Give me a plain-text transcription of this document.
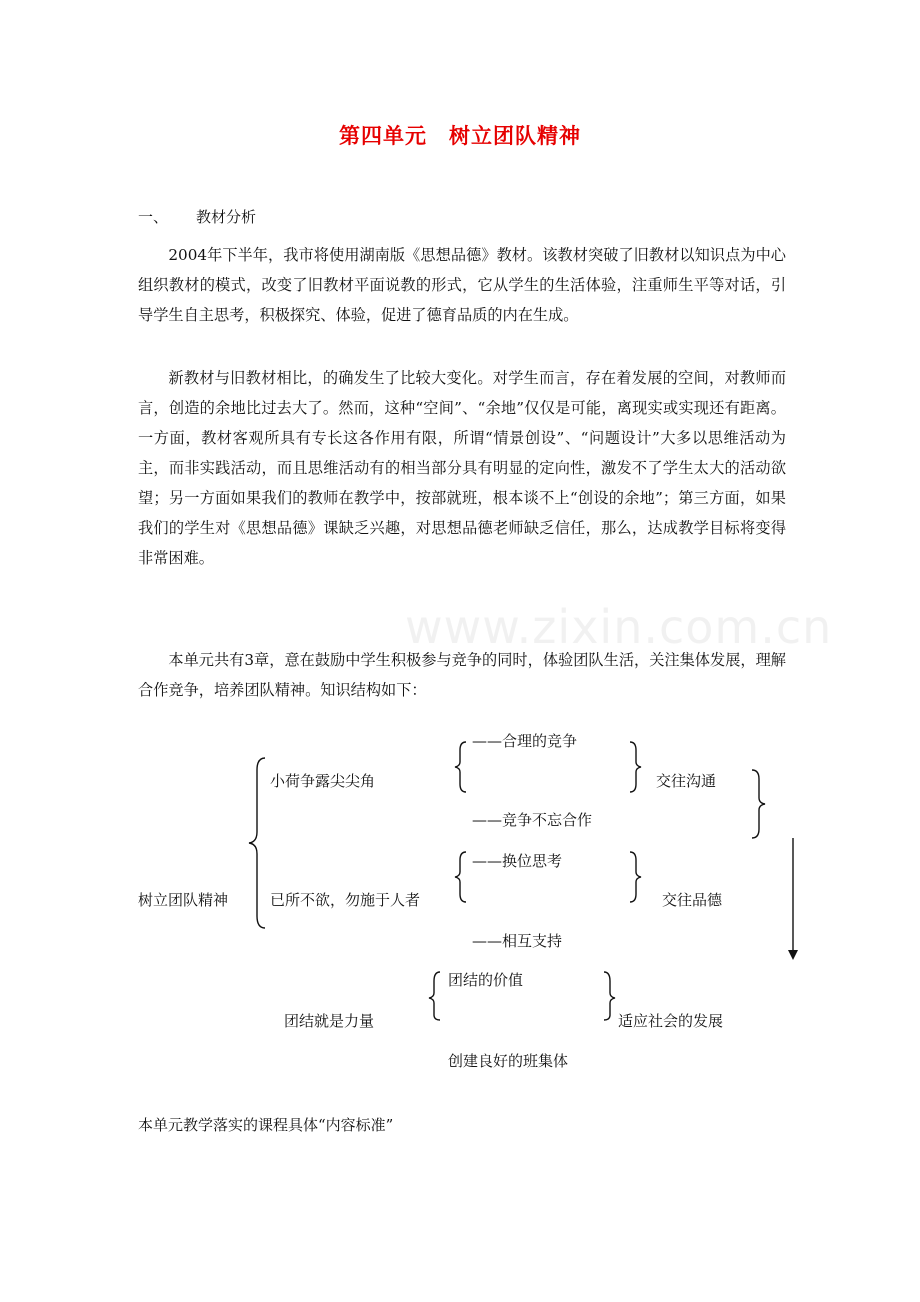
第四单元　树立团队精神
一、 教材分析

2004年下半年，我市将使用湖南版《思想品德》教材。该教材突破了旧教材以知识点为中心组织教材的模式，改变了旧教材平面说教的形式，它从学生的生活体验，注重师生平等对话，引导学生自主思考，积极探究、体验，促进了德育品质的内在生成。

新教材与旧教材相比，的确发生了比较大变化。对学生而言，存在着发展的空间，对教师而言，创造的余地比过去大了。然而，这种“空间”、“余地”仅仅是可能，离现实或实现还有距离。一方面，教材客观所具有专长这各作用有限，所谓“情景创设”、“问题设计”大多以思维活动为主，而非实践活动，而且思维活动有的相当部分具有明显的定向性，激发不了学生太大的活动欲望；另一方面如果我们的教师在教学中，按部就班，根本谈不上“创设的余地”；第三方面，如果我们的学生对《思想品德》课缺乏兴趣，对思想品德老师缺乏信任，那么，达成教学目标将变得非常困难。

本单元共有3章，意在鼓励中学生积极参与竞争的同时，体验团队生活，关注集体发展，理解合作竞争，培养团队精神。知识结构如下：

www.zixin.com.cn
树立团队精神
小荷争露尖尖角
——合理的竞争
——竞争不忘合作
交往沟通
已所不欲，勿施于人者
——换位思考
——相互支持
交往品德
团结就是力量
团结的价值
适应社会的发展
创建良好的班集体
本单元教学落实的课程具体“内容标准”
